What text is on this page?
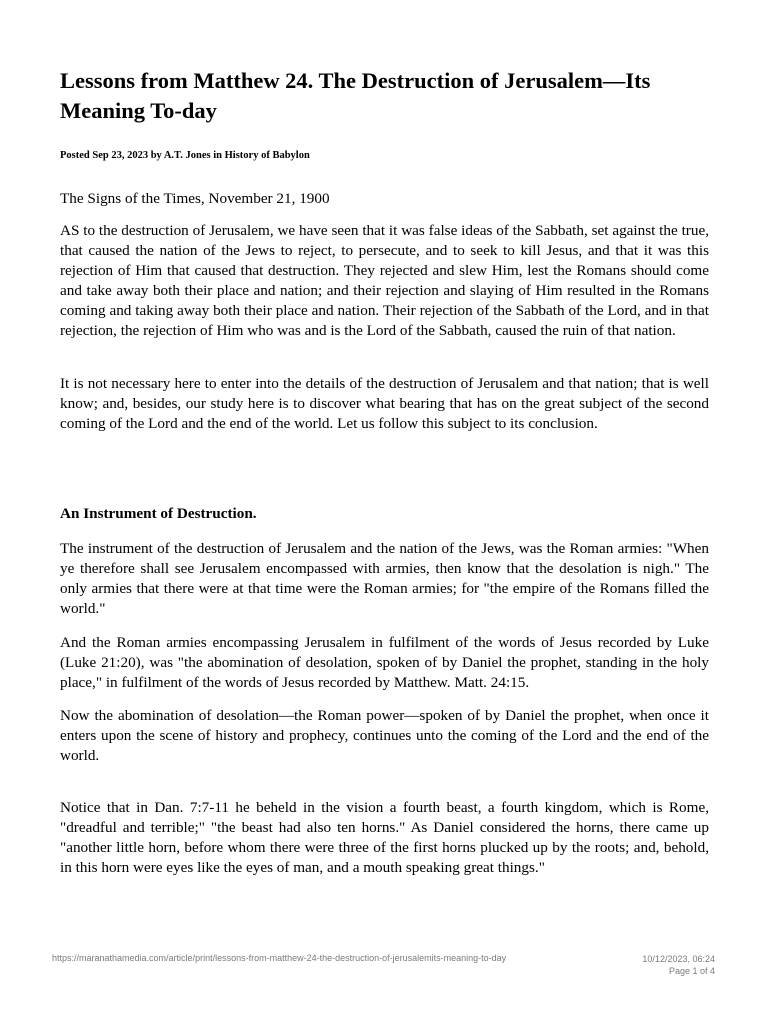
Lessons from Matthew 24. The Destruction of Jerusalem—Its Meaning To-day

Posted Sep 23, 2023 by A.T. Jones in History of Babylon

The Signs of the Times, November 21, 1900

AS to the destruction of Jerusalem, we have seen that it was false ideas of the Sabbath, set against the true, that caused the nation of the Jews to reject, to persecute, and to seek to kill Jesus, and that it was this rejection of Him that caused that destruction. They rejected and slew Him, lest the Romans should come and take away both their place and nation; and their rejection and slaying of Him resulted in the Romans coming and taking away both their place and nation. Their rejection of the Sabbath of the Lord, and in that rejection, the rejection of Him who was and is the Lord of the Sabbath, caused the ruin of that nation.

It is not necessary here to enter into the details of the destruction of Jerusalem and that nation; that is well know; and, besides, our study here is to discover what bearing that has on the great subject of the second coming of the Lord and the end of the world. Let us follow this subject to its conclusion.

An Instrument of Destruction.

The instrument of the destruction of Jerusalem and the nation of the Jews, was the Roman armies: "When ye therefore shall see Jerusalem encompassed with armies, then know that the desolation is nigh." The only armies that there were at that time were the Roman armies; for "the empire of the Romans filled the world."

And the Roman armies encompassing Jerusalem in fulfilment of the words of Jesus recorded by Luke (Luke 21:20), was "the abomination of desolation, spoken of by Daniel the prophet, standing in the holy place," in fulfilment of the words of Jesus recorded by Matthew. Matt. 24:15.

Now the abomination of desolation—the Roman power—spoken of by Daniel the prophet, when once it enters upon the scene of history and prophecy, continues unto the coming of the Lord and the end of the world.

Notice that in Dan. 7:7-11 he beheld in the vision a fourth beast, a fourth kingdom, which is Rome, "dreadful and terrible;" "the beast had also ten horns." As Daniel considered the horns, there came up "another little horn, before whom there were three of the first horns plucked up by the roots; and, behold, in this horn were eyes like the eyes of man, and a mouth speaking great things."

https://maranathamedia.com/article/print/lessons-from-matthew-24-the-destruction-of-jerusalemits-meaning-to-day	10/12/2023, 06:24
Page 1 of 4
